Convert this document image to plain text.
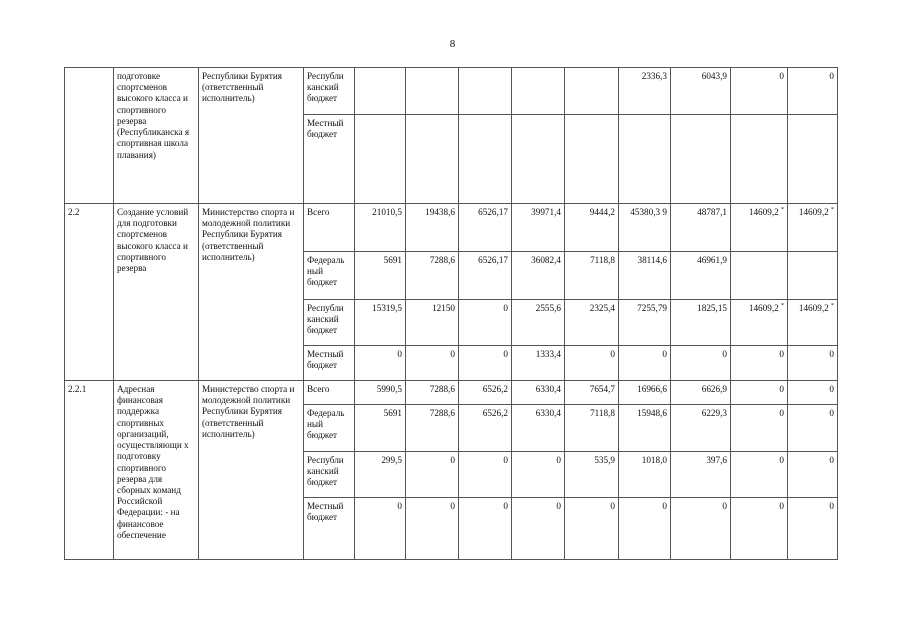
8
	подготовке спортсменов высокого класса и спортивного резерва (Республиканска я спортивная школа плавания)	Республики Бурятия (ответственный исполнитель)	Республи канский бюджет						2336,3	6043,9	0	0
			Местный бюджет									
2.2	Создание условий для подготовки спортсменов высокого класса и спортивного резерва	Министерство спорта и молодежной политики Республики Бурятия (ответственный исполнитель)	Всего	21010,5	19438,6	6526,17	39971,4	9444,2	45380,3 9	48787,1	14609,2 *	14609,2 *
			Федераль ный бюджет	5691	7288,6	6526,17	36082,4	7118,8	38114,6	46961,9		
			Республи канский бюджет	15319,5	12150	0	2555,6	2325,4	7255,79	1825,15	14609,2 *	14609,2 *
			Местный бюджет	0	0	0	1333,4	0	0	0	0	0
2.2.1	Адресная финансовая поддержка спортивных организаций, осуществляющи х подготовку спортивного резерва для сборных команд Российской Федерации: - на финансовое обеспечение	Министерство спорта и молодежной политики Республики Бурятия (ответственный исполнитель)	Всего	5990,5	7288,6	6526,2	6330,4	7654,7	16966,6	6626,9	0	0
			Федераль ный бюджет	5691	7288,6	6526,2	6330,4	7118,8	15948,6	6229,3	0	0
			Республи канский бюджет	299,5	0	0	0	535,9	1018,0	397,6	0	0
			Местный бюджет	0	0	0	0	0	0	0	0	0
